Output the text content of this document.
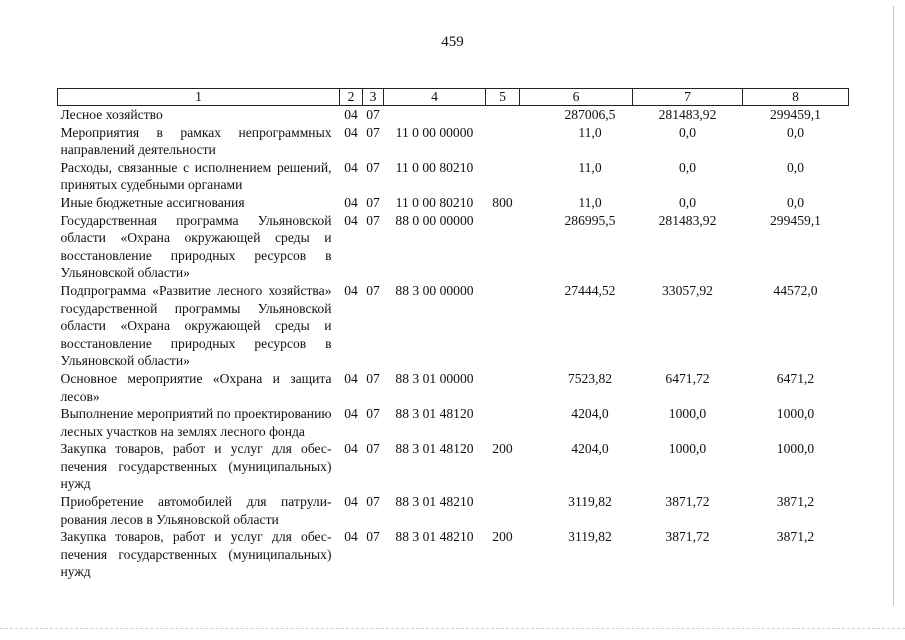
459
1	2	3	4	5	6	7	8
Лесное хозяйство	04	07			287006,5	281483,92	299459,1
Мероприятия в рамках непрограммных направлений деятельности	04	07	11 0 00 00000		11,0	0,0	0,0
Расходы, связанные с исполнением решений, принятых судебными органами	04	07	11 0 00 80210		11,0	0,0	0,0
Иные бюджетные ассигнования	04	07	11 0 00 80210	800	11,0	0,0	0,0
Государственная программа Ульяновской области «Охрана окружающей среды и восстановление природных ресурсов в Ульяновской области»	04	07	88 0 00 00000		286995,5	281483,92	299459,1
Подпрограмма «Развитие лесного хозяйства» государственной программы Ульяновской области «Охрана окружающей среды и восстановление природных ресурсов в Ульяновской области»	04	07	88 3 00 00000		27444,52	33057,92	44572,0
Основное мероприятие «Охрана и защита лесов»	04	07	88 3 01 00000		7523,82	6471,72	6471,2
Выполнение мероприятий по проектированию лесных участков на землях лесного фонда	04	07	88 3 01 48120		4204,0	1000,0	1000,0
Закупка товаров, работ и услуг для обеспечения государственных (муниципальных) нужд	04	07	88 3 01 48120	200	4204,0	1000,0	1000,0
Приобретение автомобилей для патрулирования лесов в Ульяновской области	04	07	88 3 01 48210		3119,82	3871,72	3871,2
Закупка товаров, работ и услуг для обеспечения государственных (муниципальных) нужд	04	07	88 3 01 48210	200	3119,82	3871,72	3871,2
